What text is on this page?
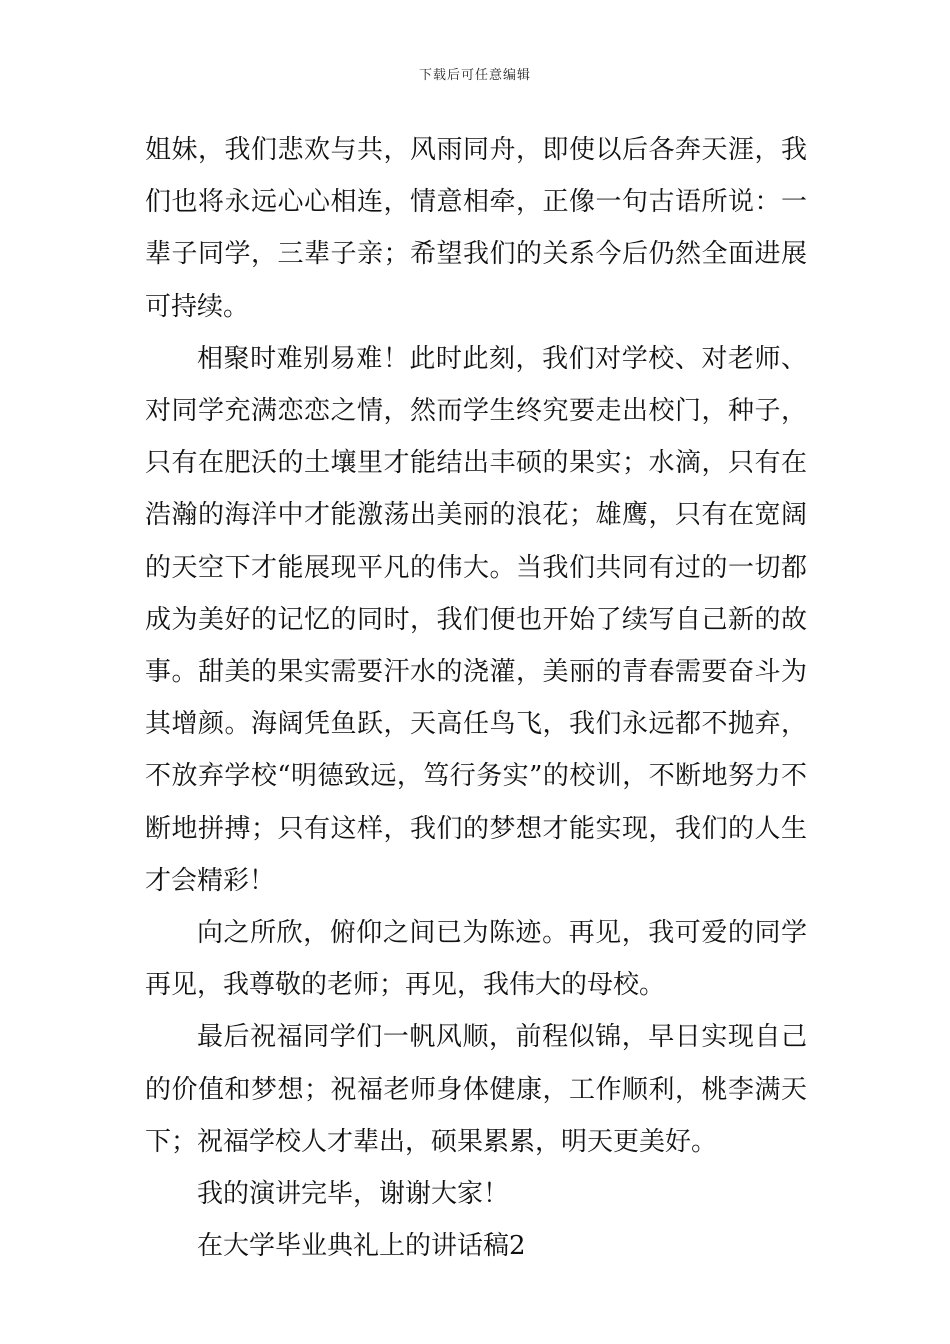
下载后可任意编辑

姐妹，我们悲欢与共，风雨同舟，即使以后各奔天涯，我们也将永远心心相连，情意相牵，正像一句古语所说：一辈子同学，三辈子亲；希望我们的关系今后仍然全面进展可持续。

相聚时难别易难！此时此刻，我们对学校、对老师、对同学充满恋恋之情，然而学生终究要走出校门，种子，只有在肥沃的土壤里才能结出丰硕的果实；水滴，只有在浩瀚的海洋中才能激荡出美丽的浪花；雄鹰，只有在宽阔的天空下才能展现平凡的伟大。当我们共同有过的一切都成为美好的记忆的同时，我们便也开始了续写自己新的故事。甜美的果实需要汗水的浇灌，美丽的青春需要奋斗为其增颜。海阔凭鱼跃，天高任鸟飞，我们永远都不抛弃，不放弃学校“明德致远，笃行务实”的校训，不断地努力不断地拼搏；只有这样，我们的梦想才能实现，我们的人生才会精彩！

向之所欣，俯仰之间已为陈迹。再见，我可爱的同学再见，我尊敬的老师；再见，我伟大的母校。

最后祝福同学们一帆风顺，前程似锦，早日实现自己的价值和梦想；祝福老师身体健康，工作顺利，桃李满天下；祝福学校人才辈出，硕果累累，明天更美好。

我的演讲完毕，谢谢大家！

在大学毕业典礼上的讲话稿2
